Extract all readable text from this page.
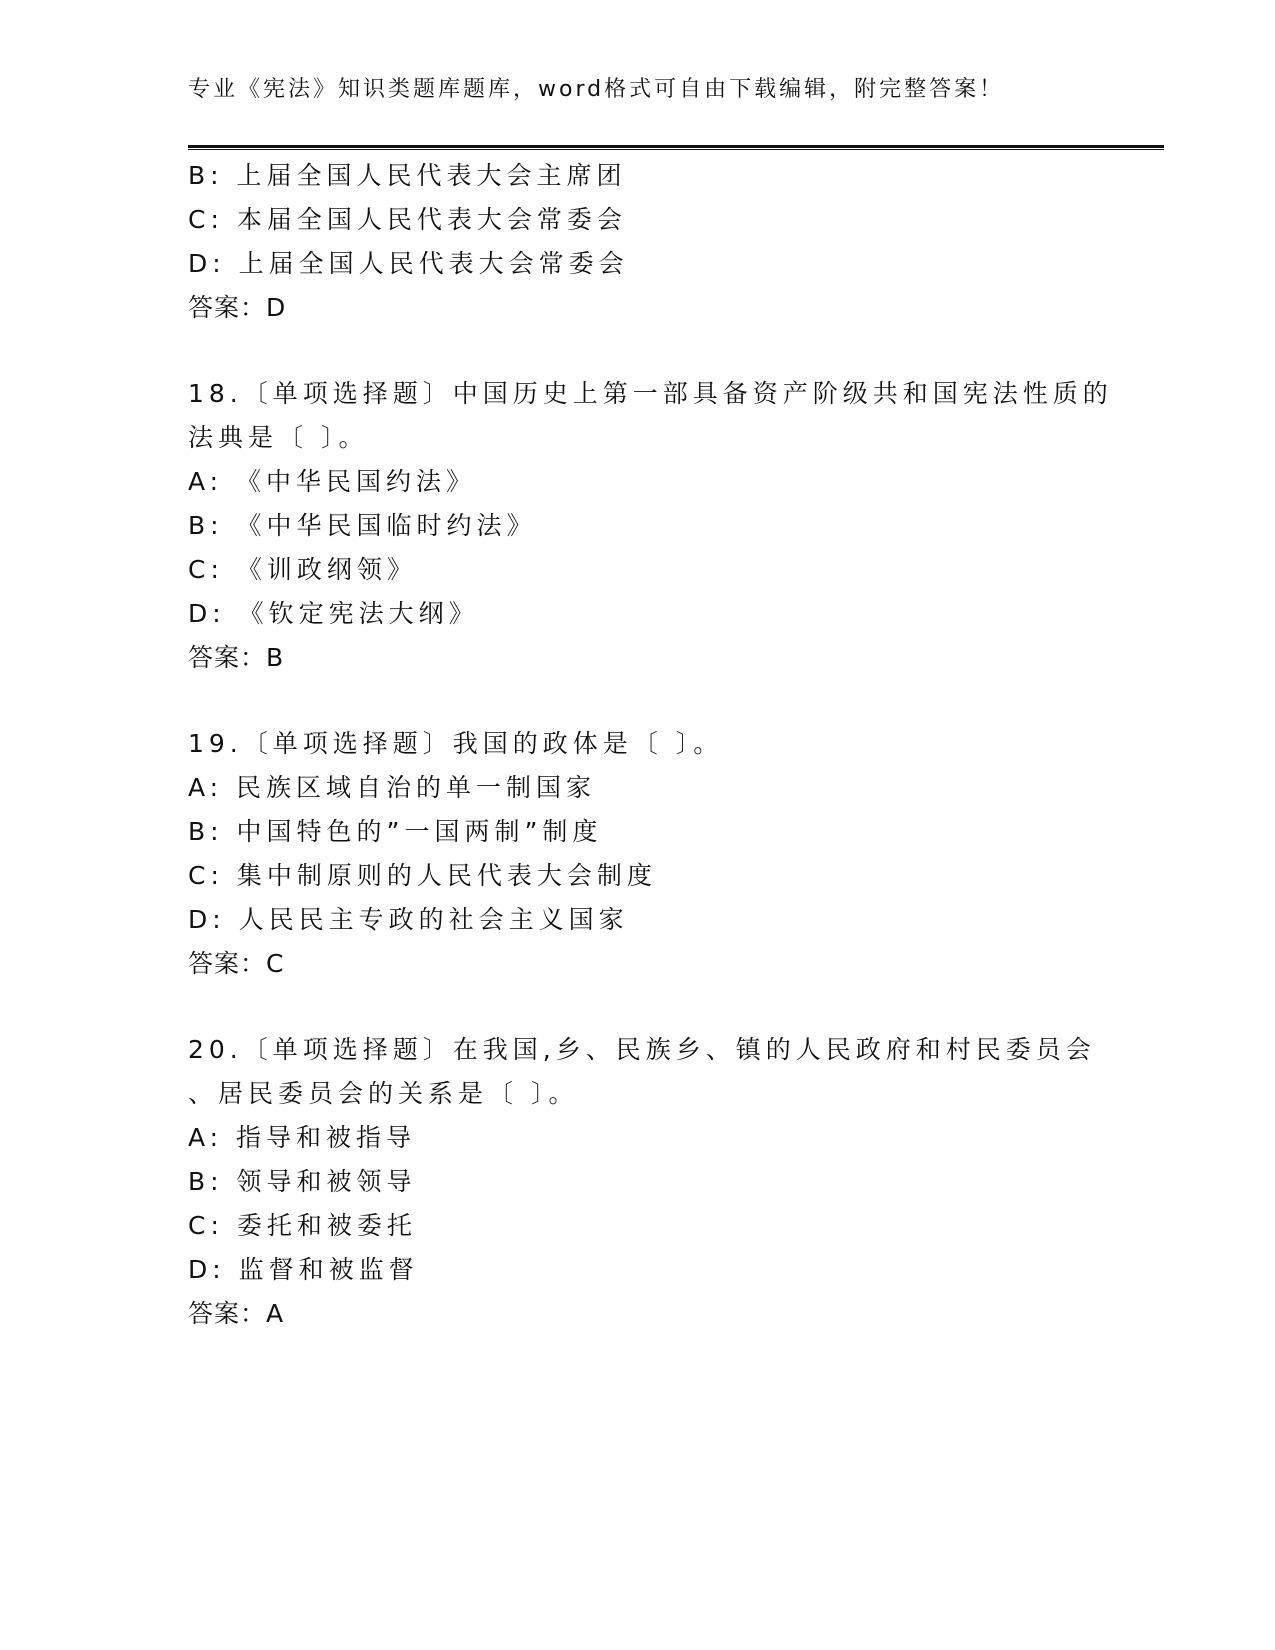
专业《宪法》知识类题库题库，word格式可自由下载编辑，附完整答案！
B: 上届全国人民代表大会主席团
C: 本届全国人民代表大会常委会
D: 上届全国人民代表大会常委会
答案：D
18.〔单项选择题〕中国历史上第一部具备资产阶级共和国宪法性质的
法典是〔 〕。
A: 《中华民国约法》
B: 《中华民国临时约法》
C: 《训政纲领》
D: 《钦定宪法大纲》
答案：B
19.〔单项选择题〕我国的政体是〔 〕。
A: 民族区域自治的单一制国家
B: 中国特色的”一国两制”制度
C: 集中制原则的人民代表大会制度
D: 人民民主专政的社会主义国家
答案：C
20.〔单项选择题〕在我国,乡、民族乡、镇的人民政府和村民委员会
、居民委员会的关系是〔 〕。
A: 指导和被指导
B: 领导和被领导
C: 委托和被委托
D: 监督和被监督
答案：A
